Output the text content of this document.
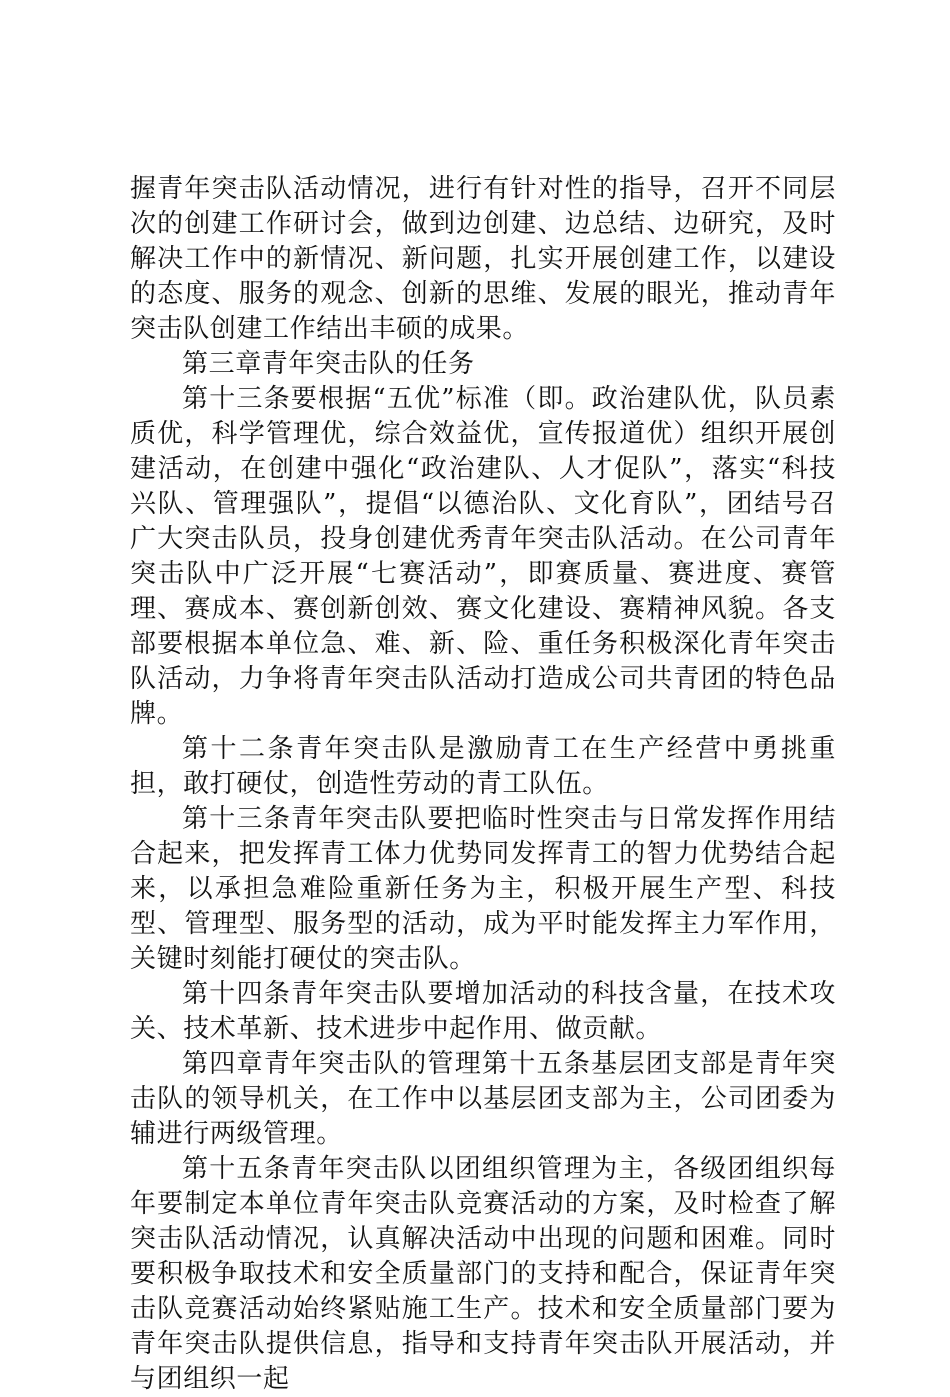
握青年突击队活动情况，进行有针对性的指导，召开不同层次的创建工作研讨会，做到边创建、边总结、边研究，及时解决工作中的新情况、新问题，扎实开展创建工作，以建设的态度、服务的观念、创新的思维、发展的眼光，推动青年突击队创建工作结出丰硕的成果。

第三章青年突击队的任务

第十三条要根据“五优”标准（即。政治建队优，队员素质优，科学管理优，综合效益优，宣传报道优）组织开展创建活动，在创建中强化“政治建队、人才促队”，落实“科技兴队、管理强队”，提倡“以德治队、文化育队”，团结号召广大突击队员，投身创建优秀青年突击队活动。在公司青年突击队中广泛开展“七赛活动”，即赛质量、赛进度、赛管理、赛成本、赛创新创效、赛文化建设、赛精神风貌。各支部要根据本单位急、难、新、险、重任务积极深化青年突击队活动，力争将青年突击队活动打造成公司共青团的特色品牌。

第十二条青年突击队是激励青工在生产经营中勇挑重担，敢打硬仗，创造性劳动的青工队伍。

第十三条青年突击队要把临时性突击与日常发挥作用结合起来，把发挥青工体力优势同发挥青工的智力优势结合起来，以承担急难险重新任务为主，积极开展生产型、科技型、管理型、服务型的活动，成为平时能发挥主力军作用，关键时刻能打硬仗的突击队。

第十四条青年突击队要增加活动的科技含量，在技术攻关、技术革新、技术进步中起作用、做贡献。

第四章青年突击队的管理第十五条基层团支部是青年突击队的领导机关，在工作中以基层团支部为主，公司团委为辅进行两级管理。

第十五条青年突击队以团组织管理为主，各级团组织每年要制定本单位青年突击队竞赛活动的方案，及时检查了解突击队活动情况，认真解决活动中出现的问题和困难。同时要积极争取技术和安全质量部门的支持和配合，保证青年突击队竞赛活动始终紧贴施工生产。技术和安全质量部门要为青年突击队提供信息，指导和支持青年突击队开展活动，并与团组织一起
